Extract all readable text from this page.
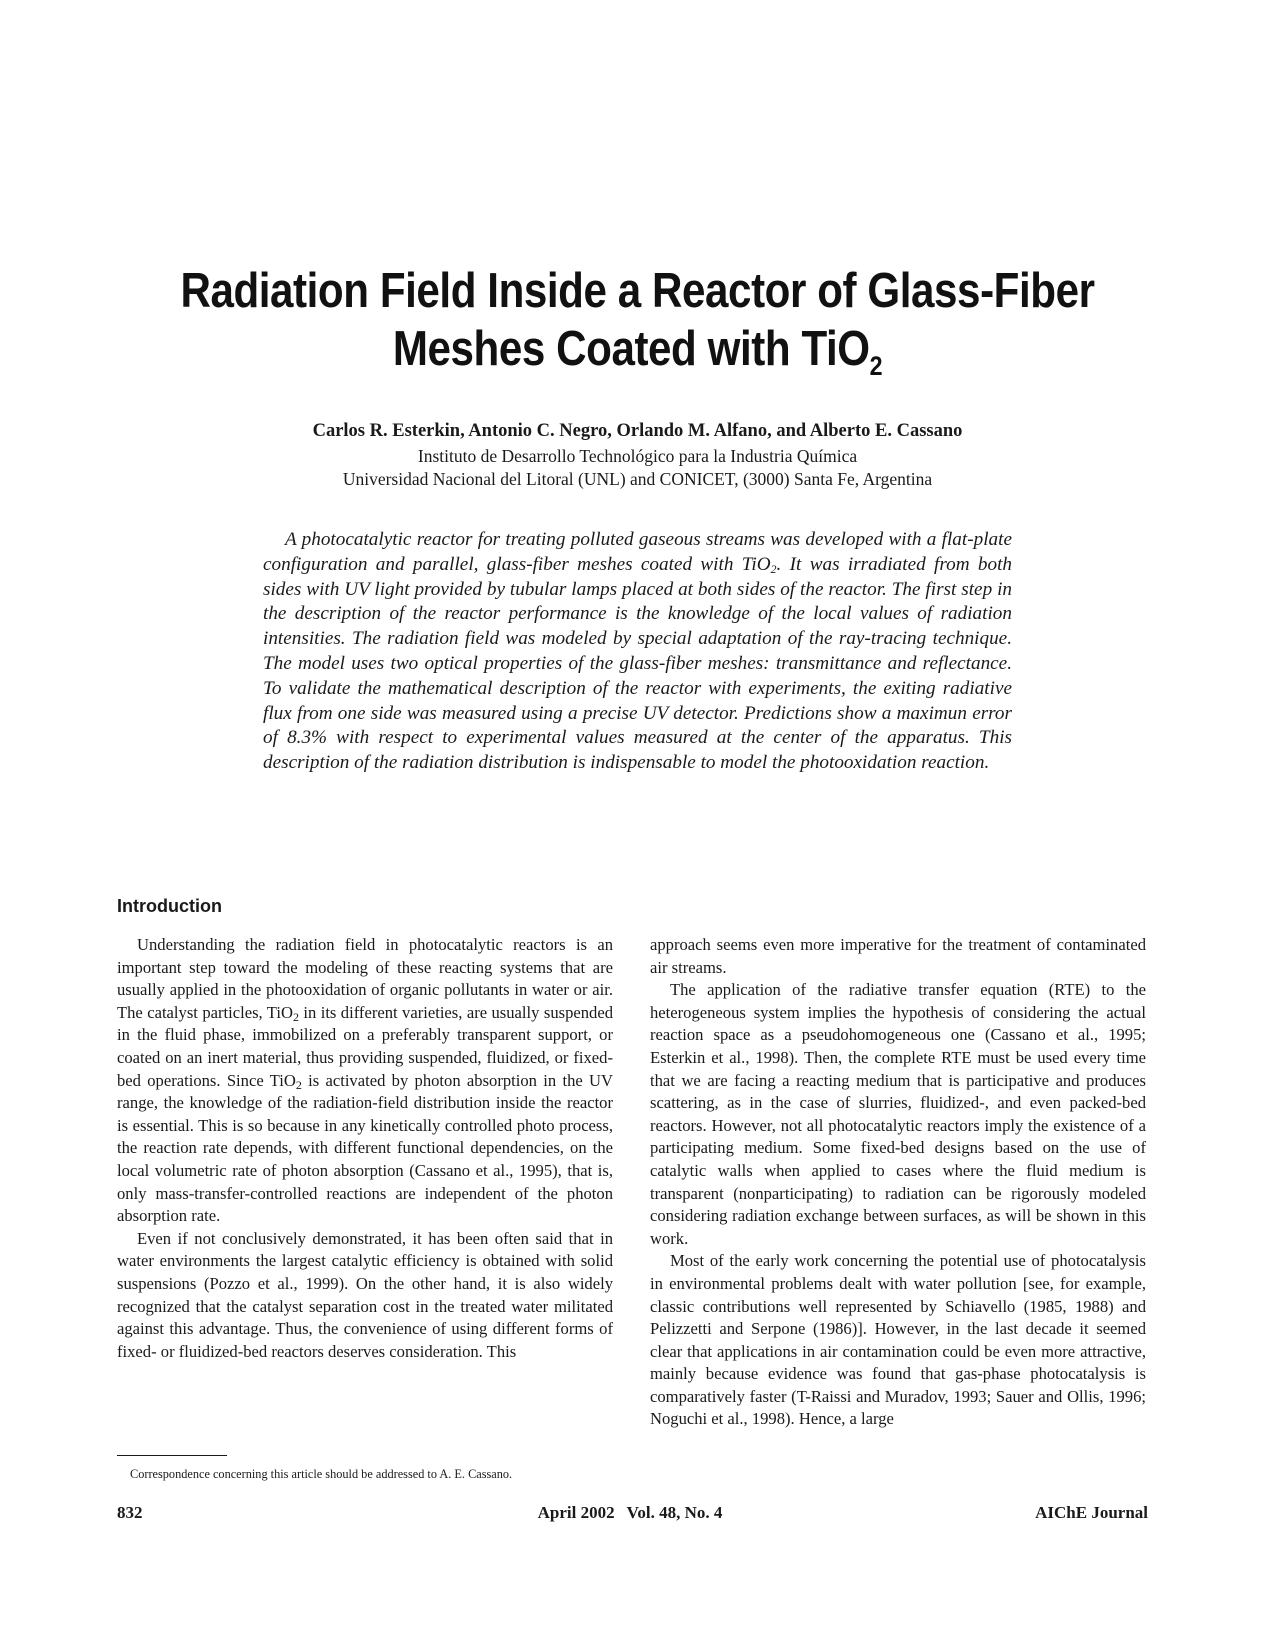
Radiation Field Inside a Reactor of Glass-Fiber
Meshes Coated with TiO$_2$
Carlos R. Esterkin, Antonio C. Negro, Orlando M. Alfano, and Alberto E. Cassano
Instituto de Desarrollo Technológico para la Industria Química
Universidad Nacional del Litoral (UNL) and CONICET, (3000) Santa Fe, Argentina

A photocatalytic reactor for treating polluted gaseous streams was developed with a flat-plate configuration and parallel, glass-fiber meshes coated with TiO$_2$. It was irradiated from both sides with UV light provided by tubular lamps placed at both sides of the reactor. The first step in the description of the reactor performance is the knowledge of the local values of radiation intensities. The radiation field was modeled by special adaptation of the ray-tracing technique. The model uses two optical properties of the glass-fiber meshes: transmittance and reflectance. To validate the mathematical description of the reactor with experiments, the exiting radiative flux from one side was measured using a precise UV detector. Predictions show a maximun error of 8.3% with respect to experimental values measured at the center of the apparatus. This description of the radiation distribution is indispensable to model the photooxidation reaction.

Introduction

Understanding the radiation field in photocatalytic reactors is an important step toward the modeling of these reacting systems that are usually applied in the photooxidation of organic pollutants in water or air. The catalyst particles, TiO$_2$ in its different varieties, are usually suspended in the fluid phase, immobilized on a preferably transparent support, or coated on an inert material, thus providing suspended, fluidized, or fixed-bed operations. Since TiO$_2$ is activated by photon absorption in the UV range, the knowledge of the radiation-field distribution inside the reactor is essential. This is so because in any kinetically controlled photo process, the reaction rate depends, with different functional dependencies, on the local volumetric rate of photon absorption (Cassano et al., 1995), that is, only mass-transfer-controlled reactions are independent of the photon absorption rate.

Even if not conclusively demonstrated, it has been often said that in water environments the largest catalytic efficiency is obtained with solid suspensions (Pozzo et al., 1999). On the other hand, it is also widely recognized that the catalyst separation cost in the treated water militated against this advantage. Thus, the convenience of using different forms of fixed- or fluidized-bed reactors deserves consideration. This

approach seems even more imperative for the treatment of contaminated air streams.

The application of the radiative transfer equation (RTE) to the heterogeneous system implies the hypothesis of considering the actual reaction space as a pseudohomogeneous one (Cassano et al., 1995; Esterkin et al., 1998). Then, the complete RTE must be used every time that we are facing a reacting medium that is participative and produces scattering, as in the case of slurries, fluidized-, and even packed-bed reactors. However, not all photocatalytic reactors imply the existence of a participating medium. Some fixed-bed designs based on the use of catalytic walls when applied to cases where the fluid medium is transparent (nonparticipating) to radiation can be rigorously modeled considering radiation exchange between surfaces, as will be shown in this work.

Most of the early work concerning the potential use of photocatalysis in environmental problems dealt with water pollution [see, for example, classic contributions well represented by Schiavello (1985, 1988) and Pelizzetti and Serpone (1986)]. However, in the last decade it seemed clear that applications in air contamination could be even more attractive, mainly because evidence was found that gas-phase photocatalysis is comparatively faster (T-Raissi and Muradov, 1993; Sauer and Ollis, 1996; Noguchi et al., 1998). Hence, a large

Correspondence concerning this article should be addressed to A. E. Cassano.
832	April 2002 Vol. 48, No. 4	AIChE Journal
